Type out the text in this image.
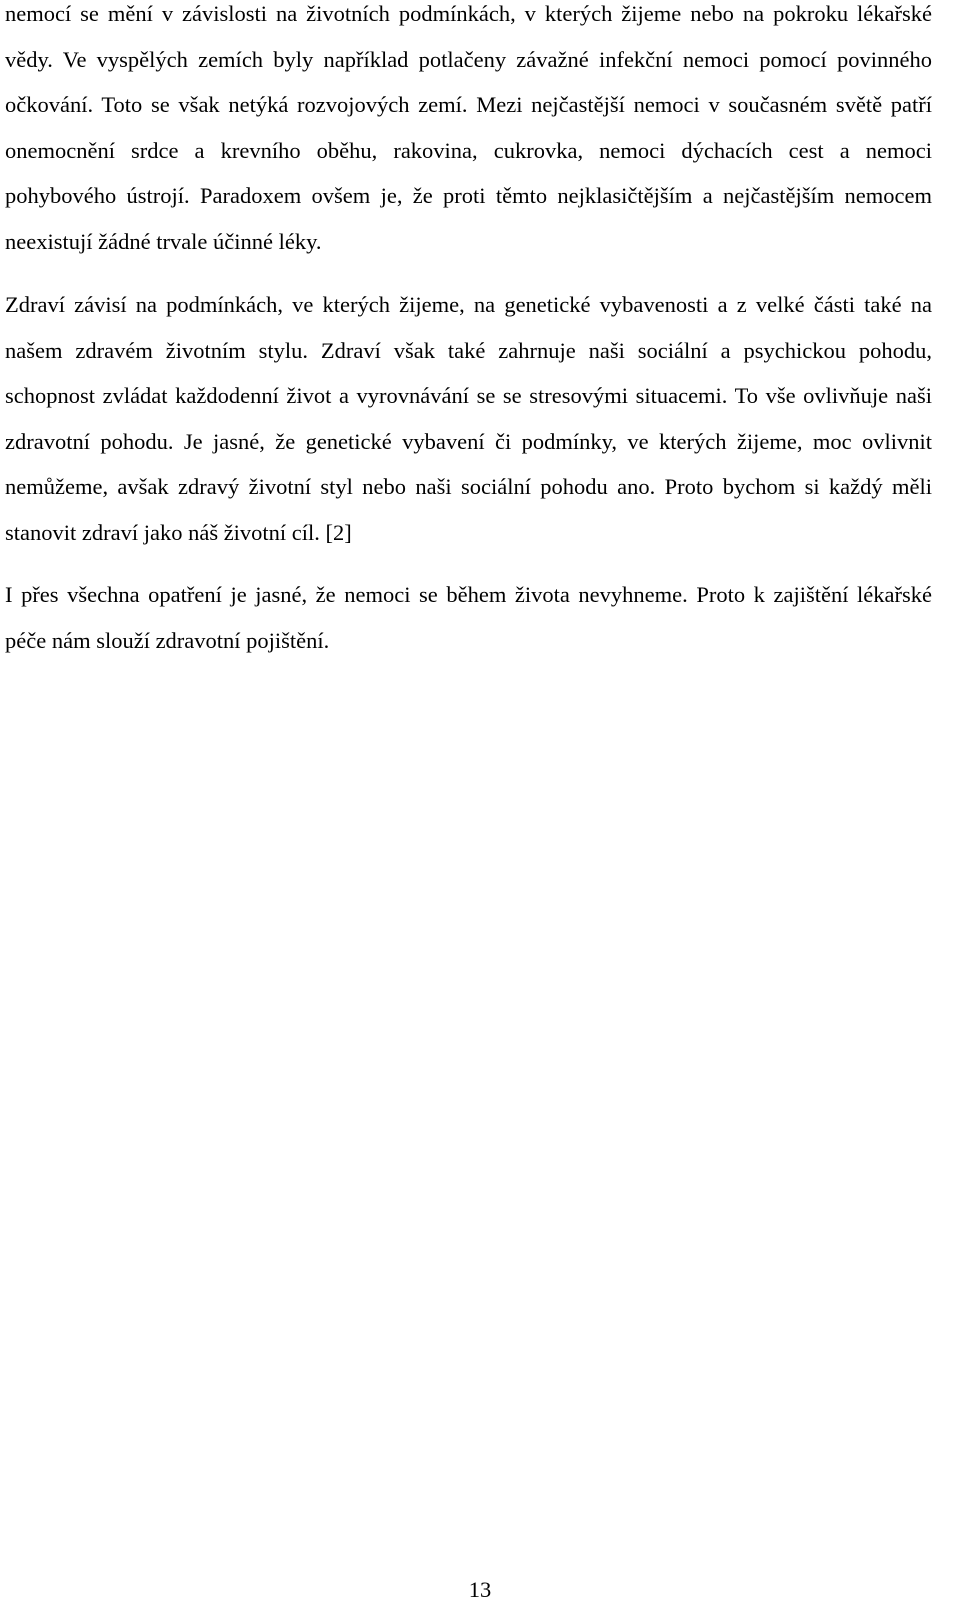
nemocí se mění v závislosti na životních podmínkách, v kterých žijeme nebo na pokroku lékařské vědy. Ve vyspělých zemích byly například potlačeny závažné infekční nemoci pomocí povinného očkování. Toto se však netýká rozvojových zemí. Mezi nejčastější nemoci v současném světě patří onemocnění srdce a krevního oběhu, rakovina, cukrovka, nemoci dýchacích cest a nemoci pohybového ústrojí. Paradoxem ovšem je, že proti těmto nejklasičtějším a nejčastějším nemocem neexistují žádné trvale účinné léky.

Zdraví závisí na podmínkách, ve kterých žijeme, na genetické vybavenosti a z velké části také na našem zdravém životním stylu. Zdraví však také zahrnuje naši sociální a psychickou pohodu, schopnost zvládat každodenní život a vyrovnávání se se stresovými situacemi. To vše ovlivňuje naši zdravotní pohodu. Je jasné, že genetické vybavení či podmínky, ve kterých žijeme, moc ovlivnit nemůžeme, avšak zdravý životní styl nebo naši sociální pohodu ano. Proto bychom si každý měli stanovit zdraví jako náš životní cíl. [2]

I přes všechna opatření je jasné, že nemoci se během života nevyhneme. Proto k zajištění lékařské péče nám slouží zdravotní pojištění.

13
